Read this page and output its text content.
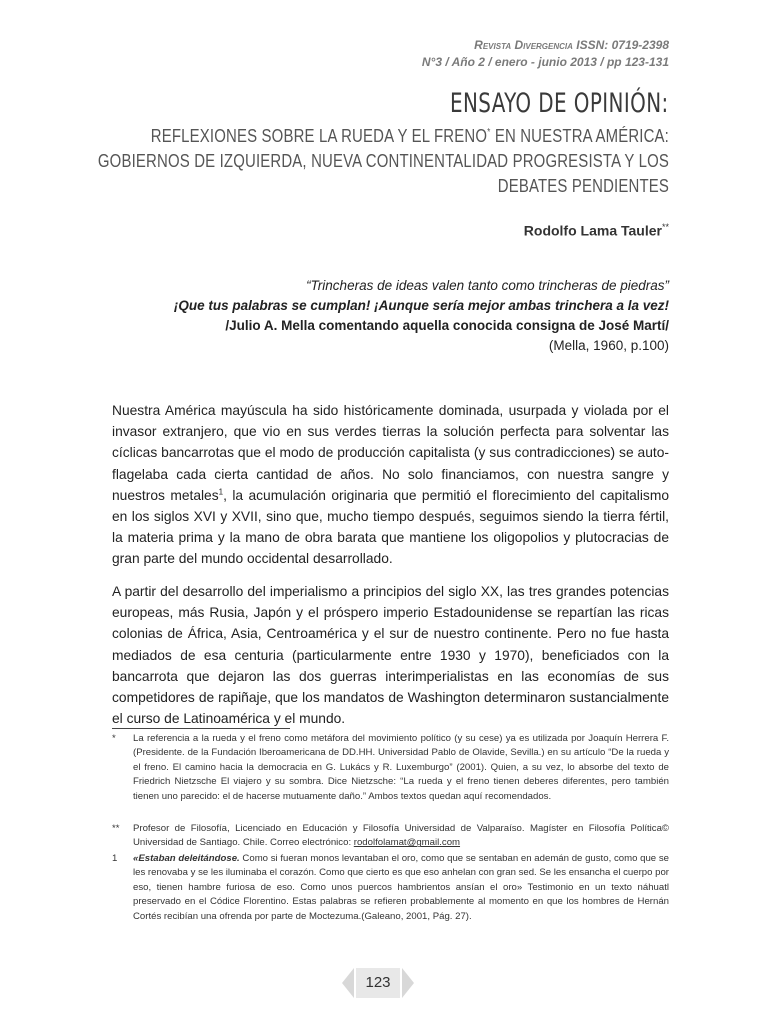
Revista Divergencia ISSN: 0719-2398
N°3 / Año 2 / enero - junio 2013 / pp 123-131
ENSAYO DE OPINIÓN:
REFLEXIONES SOBRE LA RUEDA Y EL FRENO* EN NUESTRA AMÉRICA: GOBIERNOS DE IZQUIERDA, NUEVA CONTINENTALIDAD PROGRESISTA Y LOS DEBATES PENDIENTES
Rodolfo Lama Tauler**
“Trincheras de ideas valen tanto como trincheras de piedras”
¡Que tus palabras se cumplan! ¡Aunque sería mejor ambas trinchera a la vez!
/Julio A. Mella comentando aquella conocida consigna de José Martí/
(Mella, 1960, p.100)
Nuestra América mayúscula ha sido históricamente dominada, usurpada y violada por el invasor extranjero, que vio en sus verdes tierras la solución perfecta para solventar las cíclicas bancarrotas que el modo de producción capitalista (y sus contradicciones) se auto-flagelaba cada cierta cantidad de años. No solo financiamos, con nuestra sangre y nuestros metales$^1$, la acumulación originaria que permitió el florecimiento del capitalismo en los siglos XVI y XVII, sino que, mucho tiempo después, seguimos siendo la tierra fértil, la materia prima y la mano de obra barata que mantiene los oligopolios y plutocracias de gran parte del mundo occidental desarrollado.
A partir del desarrollo del imperialismo a principios del siglo XX, las tres grandes potencias europeas, más Rusia, Japón y el próspero imperio Estadounidense se repartían las ricas colonias de África, Asia, Centroamérica y el sur de nuestro continente. Pero no fue hasta mediados de esa centuria (particularmente entre 1930 y 1970), beneficiados con la bancarrota que dejaron las dos guerras interimperialistas en las economías de sus competidores de rapiñaje, que los mandatos de Washington determinaron sustancialmente el curso de Latinoamérica y el mundo.
* La referencia a la rueda y el freno como metáfora del movimiento político (y su cese) ya es utilizada por Joaquín Herrera F. (Presidente. de la Fundación Iberoamericana de DD.HH. Universidad Pablo de Olavide, Sevilla.) en su artículo “De la rueda y el freno. El camino hacia la democracia en G. Lukács y R. Luxemburgo” (2001). Quien, a su vez, lo absorbe del texto de Friedrich Nietzsche El viajero y su sombra. Dice Nietzsche: “La rueda y el freno tienen deberes diferentes, pero también tienen uno parecido: el de hacerse mutuamente daño.” Ambos textos quedan aquí recomendados.
** Profesor de Filosofía, Licenciado en Educación y Filosofía Universidad de Valparaíso. Magíster en Filosofía Política© Universidad de Santiago. Chile. Correo electrónico: rodolfolamat@gmail.com
1 «Estaban deleitándose. Como si fueran monos levantaban el oro, como que se sentaban en ademán de gusto, como que se les renovaba y se les iluminaba el corazón. Como que cierto es que eso anhelan con gran sed. Se les ensancha el cuerpo por eso, tienen hambre furiosa de eso. Como unos puercos hambrientos ansían el oro» Testimonio en un texto náhuatl preservado en el Códice Florentino. Estas palabras se refieren probablemente al momento en que los hombres de Hernán Cortés recibían una ofrenda por parte de Moctezuma.(Galeano, 2001, Pág. 27).
123
